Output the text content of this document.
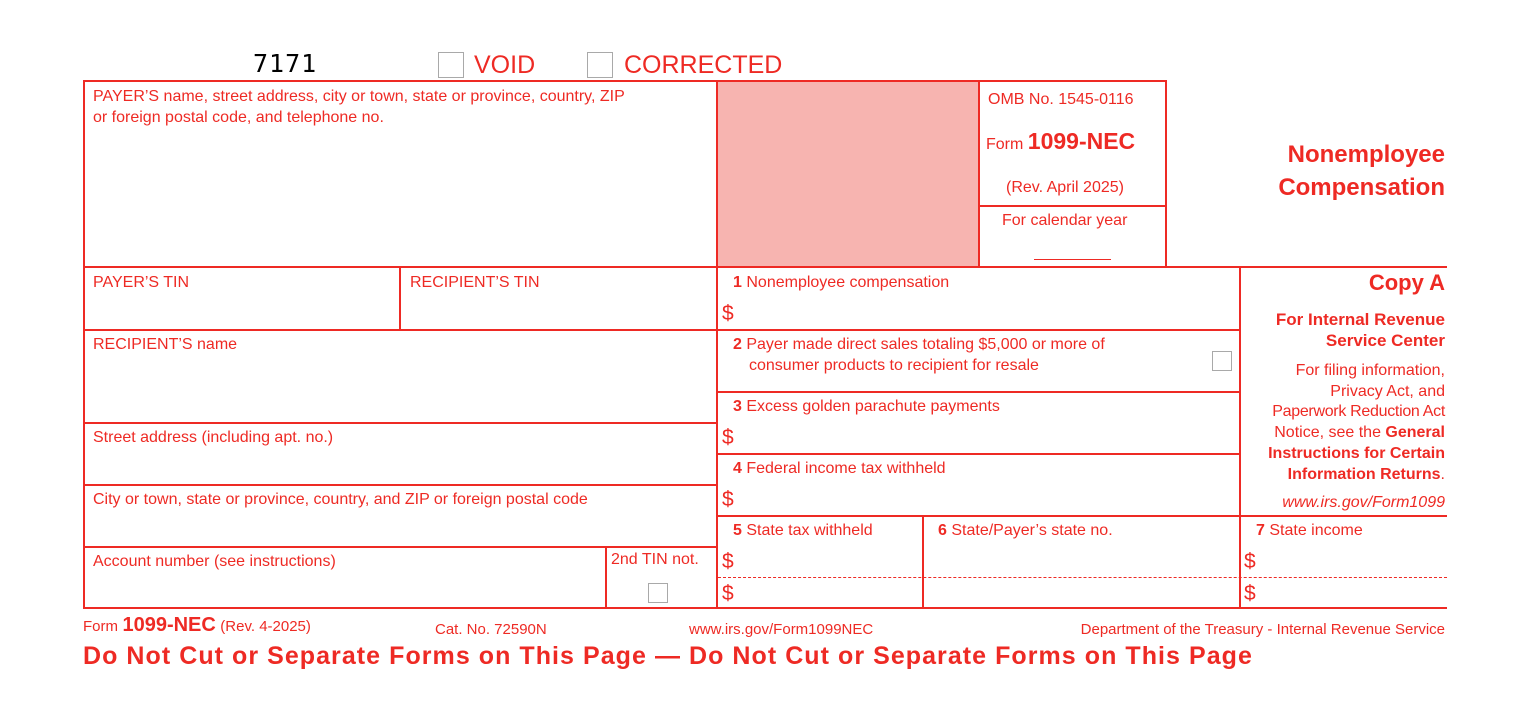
7171	VOID	CORRECTED
PAYER’S name, street address, city or town, state or province, country, ZIP
or foreign postal code, and telephone no.
OMB No. 1545-0116
Form 1099-NEC
(Rev. April 2025)
For calendar year
Nonemployee
Compensation
PAYER’S TIN	RECIPIENT’S TIN
RECIPIENT’S name
Street address (including apt. no.)
City or town, state or province, country, and ZIP or foreign postal code
Account number (see instructions)	2nd TIN not.
1 Nonemployee compensation
$
2 Payer made direct sales totaling $5,000 or more of
consumer products to recipient for resale
3 Excess golden parachute payments
$
4 Federal income tax withheld
$
5 State tax withheld
$
$
6 State/Payer’s state no.	7 State income
$
$
Copy A
For Internal Revenue
Service Center
For filing information,
Privacy Act, and
Paperwork Reduction Act
Notice, see the General
Instructions for Certain
Information Returns.
www.irs.gov/Form1099
Form 1099-NEC (Rev. 4-2025)	Cat. No. 72590N	www.irs.gov/Form1099NEC	Department of the Treasury - Internal Revenue Service
Do Not Cut or Separate Forms on This Page — Do Not Cut or Separate Forms on This Page
